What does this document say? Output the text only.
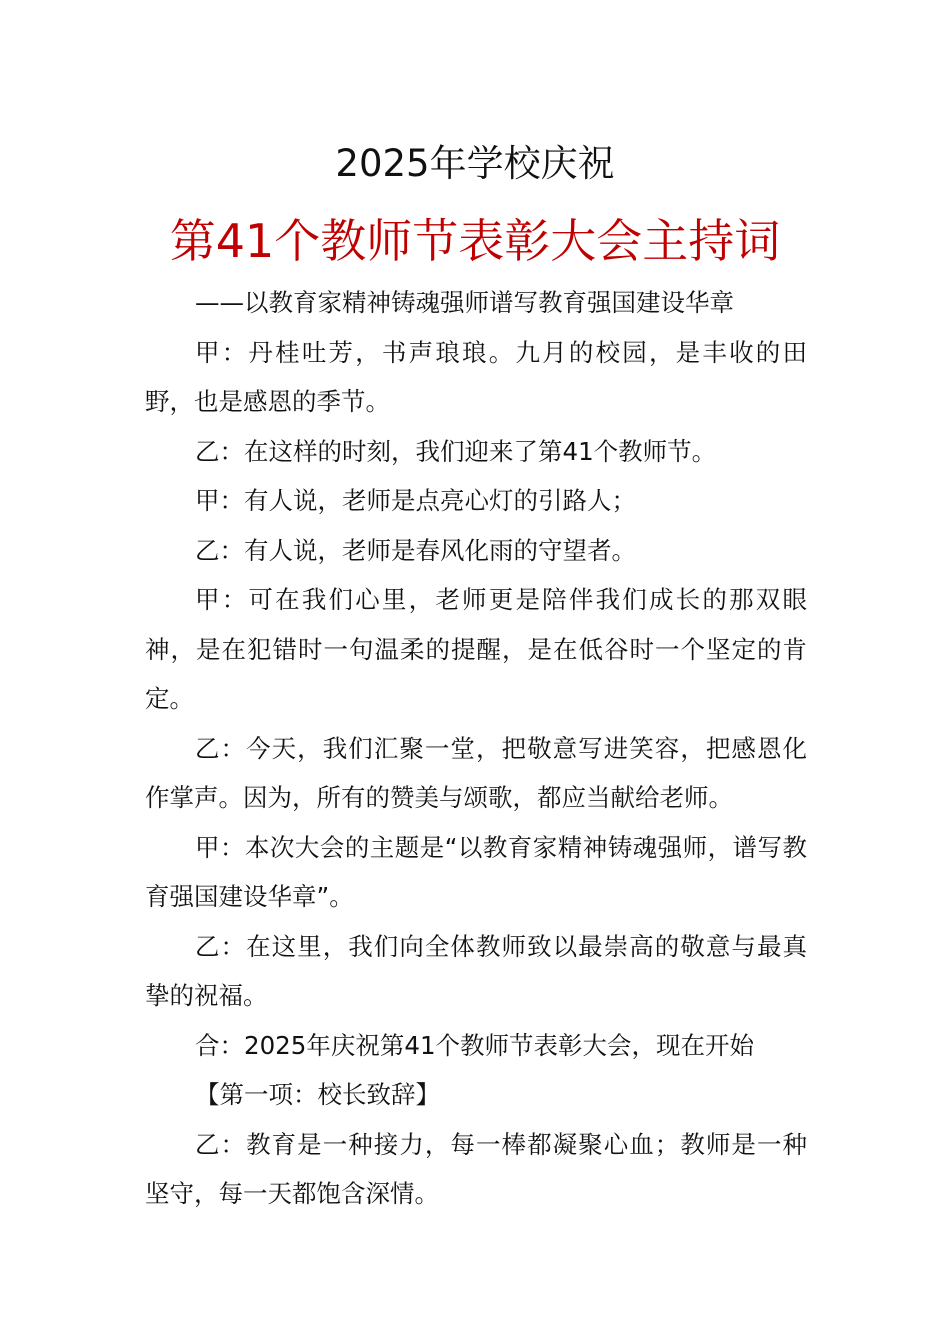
2025年学校庆祝
第41个教师节表彰大会主持词

——以教育家精神铸魂强师谱写教育强国建设华章

甲：丹桂吐芳，书声琅琅。九月的校园，是丰收的田野，也是感恩的季节。

乙：在这样的时刻，我们迎来了第41个教师节。

甲：有人说，老师是点亮心灯的引路人；

乙：有人说，老师是春风化雨的守望者。

甲：可在我们心里，老师更是陪伴我们成长的那双眼神，是在犯错时一句温柔的提醒，是在低谷时一个坚定的肯定。

乙：今天，我们汇聚一堂，把敬意写进笑容，把感恩化作掌声。因为，所有的赞美与颂歌，都应当献给老师。

甲：本次大会的主题是“以教育家精神铸魂强师，谱写教育强国建设华章”。

乙：在这里，我们向全体教师致以最崇高的敬意与最真挚的祝福。

合：2025年庆祝第41个教师节表彰大会，现在开始

【第一项：校长致辞】

乙：教育是一种接力，每一棒都凝聚心血；教师是一种坚守，每一天都饱含深情。
